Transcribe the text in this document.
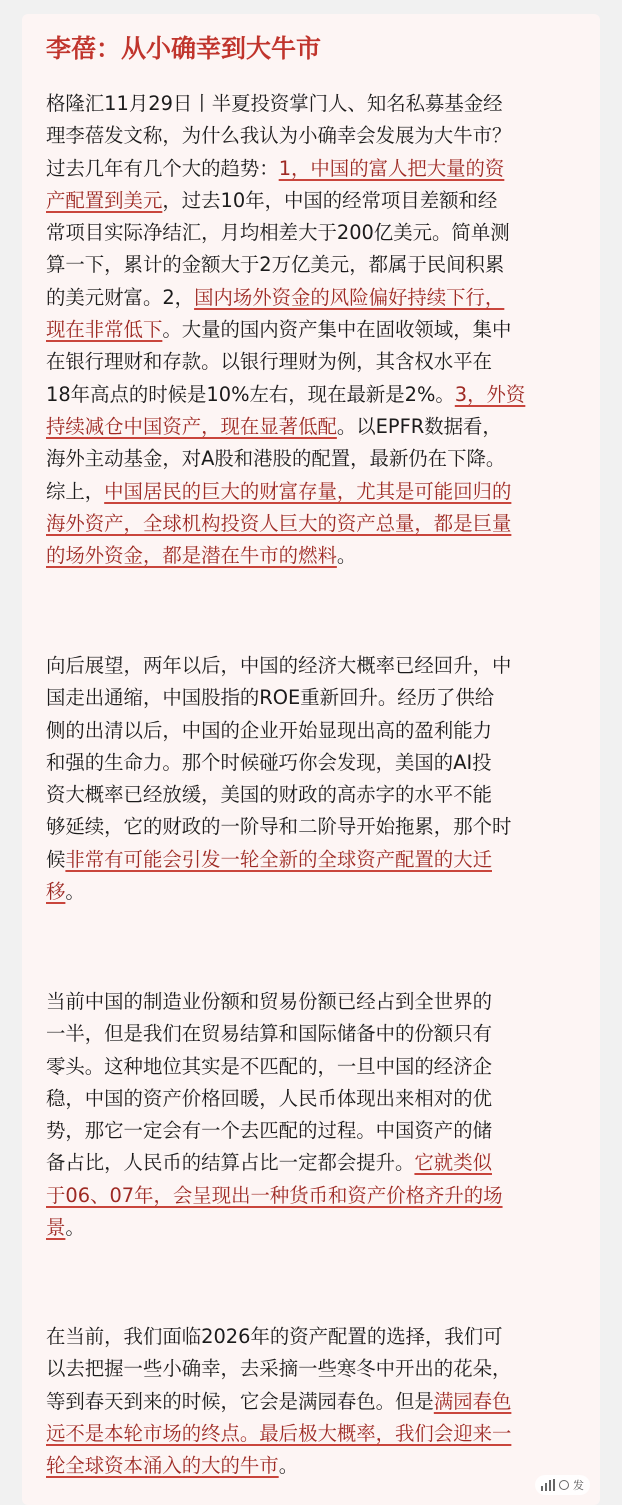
李蓓：从小确幸到大牛市
格隆汇11月29日丨半夏投资掌门人、知名私募基金经
理李蓓发文称，为什么我认为小确幸会发展为大牛市？
过去几年有几个大的趋势：1，中国的富人把大量的资
产配置到美元，过去10年，中国的经常项目差额和经
常项目实际净结汇，月均相差大于200亿美元。简单测
算一下，累计的金额大于2万亿美元，都属于民间积累
的美元财富。2，国内场外资金的风险偏好持续下行，
现在非常低下。大量的国内资产集中在固收领域，集中
在银行理财和存款。以银行理财为例，其含权水平在
18年高点的时候是10%左右，现在最新是2%。3，外资
持续减仓中国资产，现在显著低配。以EPFR数据看，
海外主动基金，对A股和港股的配置，最新仍在下降。
综上，中国居民的巨大的财富存量，尤其是可能回归的
海外资产，全球机构投资人巨大的资产总量，都是巨量
的场外资金，都是潜在牛市的燃料。
向后展望，两年以后，中国的经济大概率已经回升，中
国走出通缩，中国股指的ROE重新回升。经历了供给
侧的出清以后，中国的企业开始显现出高的盈利能力
和强的生命力。那个时候碰巧你会发现，美国的AI投
资大概率已经放缓，美国的财政的高赤字的水平不能
够延续，它的财政的一阶导和二阶导开始拖累，那个时
候非常有可能会引发一轮全新的全球资产配置的大迁
移。
当前中国的制造业份额和贸易份额已经占到全世界的
一半，但是我们在贸易结算和国际储备中的份额只有
零头。这种地位其实是不匹配的，一旦中国的经济企
稳，中国的资产价格回暖，人民币体现出来相对的优
势，那它一定会有一个去匹配的过程。中国资产的储
备占比，人民币的结算占比一定都会提升。它就类似
于06、07年，会呈现出一种货币和资产价格齐升的场
景。
在当前，我们面临2026年的资产配置的选择，我们可
以去把握一些小确幸，去采摘一些寒冬中开出的花朵，
等到春天到来的时候，它会是满园春色。但是满园春色
远不是本轮市场的终点。最后极大概率，我们会迎来一
轮全球资本涌入的大的牛市。
发
